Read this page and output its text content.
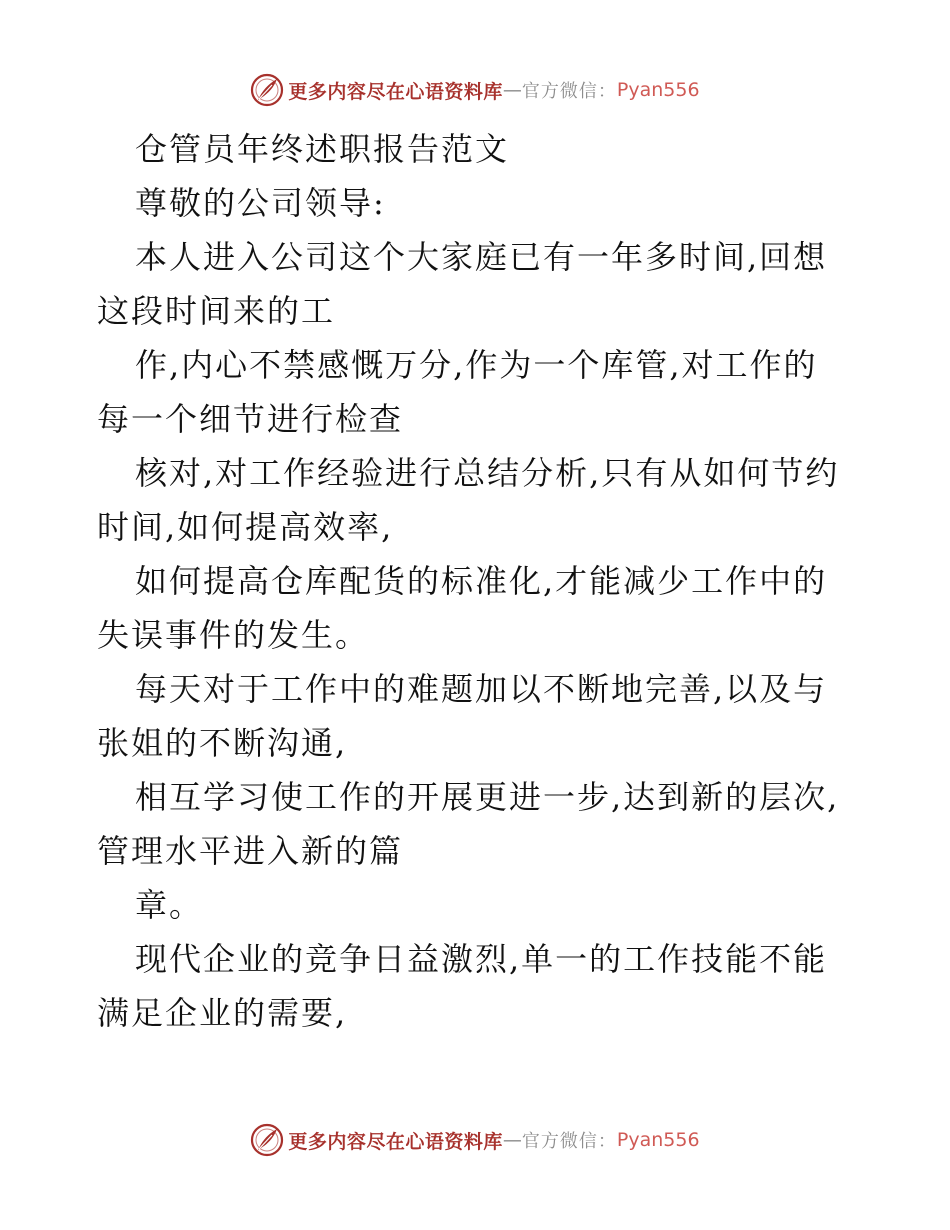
更多内容尽在心语资料库 — 官方微信： Pyan556

仓管员年终述职报告范文

尊敬的公司领导:

本人进入公司这个大家庭已有一年多时间,回想
这段时间来的工

作,内心不禁感慨万分,作为一个库管,对工作的
每一个细节进行检查

核对,对工作经验进行总结分析,只有从如何节约
时间,如何提高效率,

如何提高仓库配货的标准化,才能减少工作中的
失误事件的发生。

每天对于工作中的难题加以不断地完善,以及与
张姐的不断沟通,

相互学习使工作的开展更进一步,达到新的层次,
管理水平进入新的篇

章。

现代企业的竞争日益激烈,单一的工作技能不能
满足企业的需要,

更多内容尽在心语资料库 — 官方微信： Pyan556
